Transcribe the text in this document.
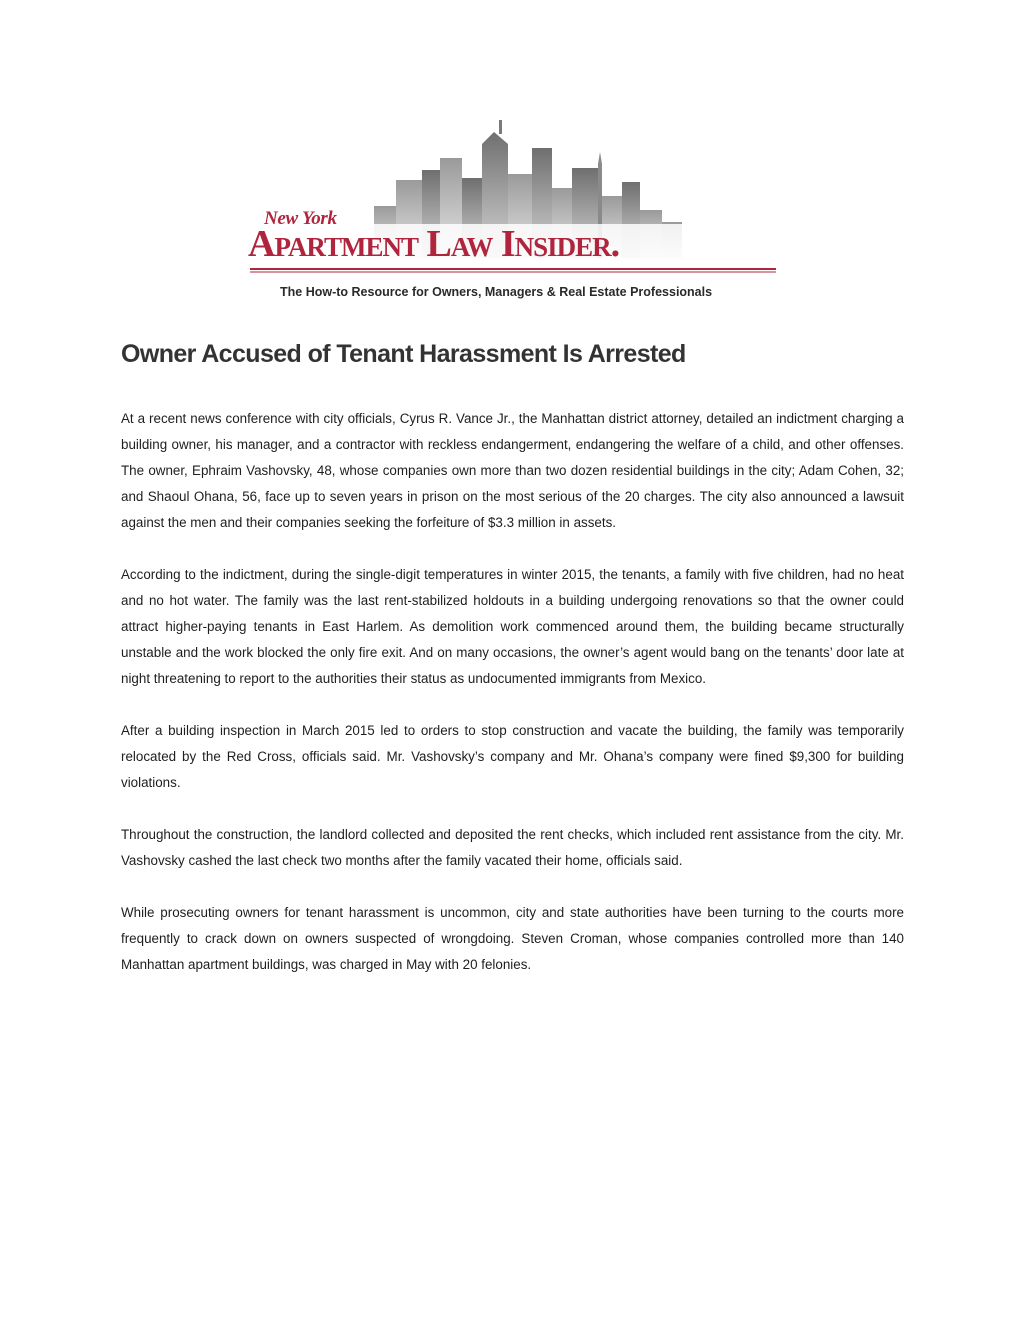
New York
Apartment Law Insider.
The How-to Resource for Owners, Managers & Real Estate Professionals
Owner Accused of Tenant Harassment Is Arrested

At a recent news conference with city officials, Cyrus R. Vance Jr., the Manhattan district attorney, detailed an indictment charging a building owner, his manager, and a contractor with reckless endangerment, endangering the welfare of a child, and other offenses. The owner, Ephraim Vashovsky, 48, whose companies own more than two dozen residential buildings in the city; Adam Cohen, 32; and Shaoul Ohana, 56, face up to seven years in prison on the most serious of the 20 charges. The city also announced a lawsuit against the men and their companies seeking the forfeiture of $3.3 million in assets.

According to the indictment, during the single-digit temperatures in winter 2015, the tenants, a family with five children, had no heat and no hot water. The family was the last rent-stabilized holdouts in a building undergoing renovations so that the owner could attract higher-paying tenants in East Harlem. As demolition work commenced around them, the building became structurally unstable and the work blocked the only fire exit. And on many occasions, the owner’s agent would bang on the tenants’ door late at night threatening to report to the authorities their status as undocumented immigrants from Mexico.

After a building inspection in March 2015 led to orders to stop construction and vacate the building, the family was temporarily relocated by the Red Cross, officials said. Mr. Vashovsky’s company and Mr. Ohana’s company were fined $9,300 for building violations.

Throughout the construction, the landlord collected and deposited the rent checks, which included rent assistance from the city. Mr. Vashovsky cashed the last check two months after the family vacated their home, officials said.

While prosecuting owners for tenant harassment is uncommon, city and state authorities have been turning to the courts more frequently to crack down on owners suspected of wrongdoing. Steven Croman, whose companies controlled more than 140 Manhattan apartment buildings, was charged in May with 20 felonies.
